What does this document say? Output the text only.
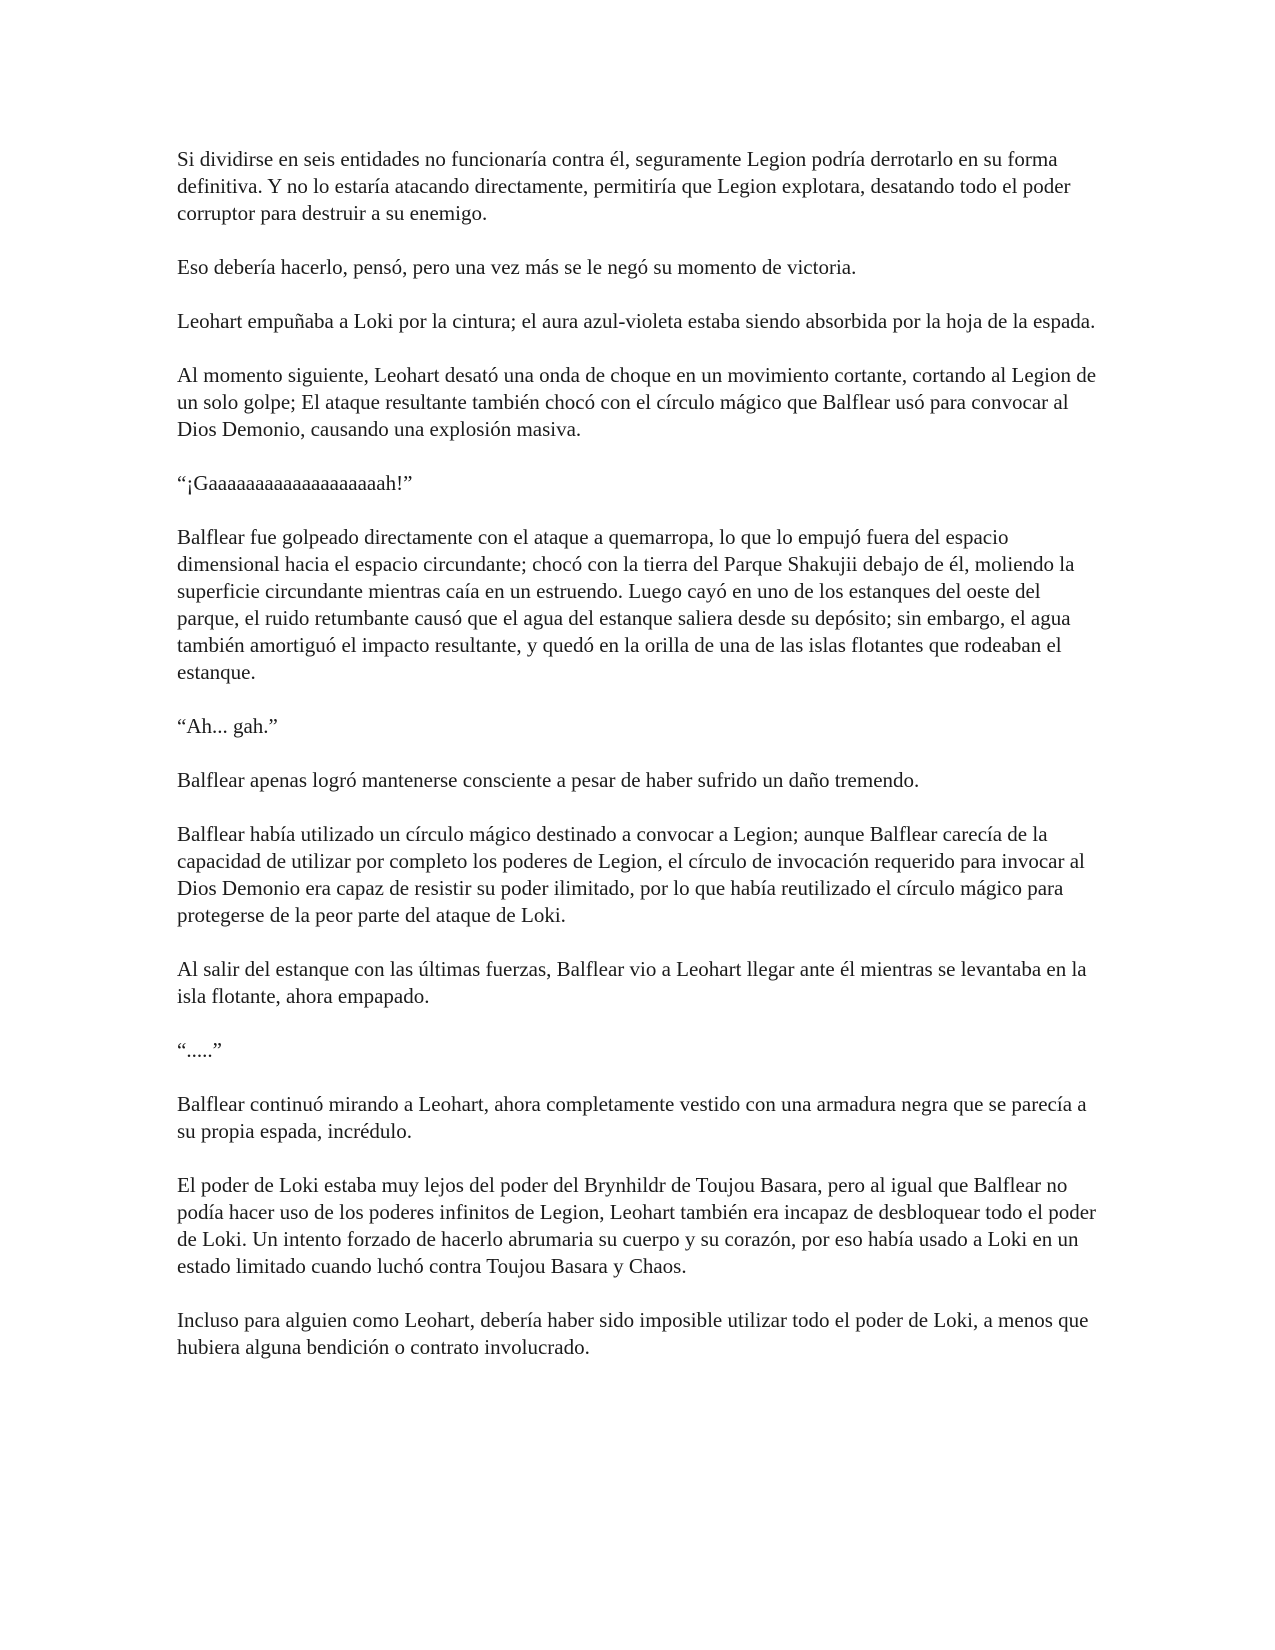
Si dividirse en seis entidades no funcionaría contra él, seguramente Legion podría derrotarlo en su forma definitiva. Y no lo estaría atacando directamente, permitiría que Legion explotara, desatando todo el poder corruptor para destruir a su enemigo.

Eso debería hacerlo, pensó, pero una vez más se le negó su momento de victoria.

Leohart empuñaba a Loki por la cintura; el aura azul-violeta estaba siendo absorbida por la hoja de la espada.

Al momento siguiente, Leohart desató una onda de choque en un movimiento cortante, cortando al Legion de un solo golpe; El ataque resultante también chocó con el círculo mágico que Balflear usó para convocar al Dios Demonio, causando una explosión masiva.

“¡Gaaaaaaaaaaaaaaaaaaah!”

Balflear fue golpeado directamente con el ataque a quemarropa, lo que lo empujó fuera del espacio dimensional hacia el espacio circundante; chocó con la tierra del Parque Shakujii debajo de él, moliendo la superficie circundante mientras caía en un estruendo. Luego cayó en uno de los estanques del oeste del parque, el ruido retumbante causó que el agua del estanque saliera desde su depósito; sin embargo, el agua también amortiguó el impacto resultante, y quedó en la orilla de una de las islas flotantes que rodeaban el estanque.

“Ah... gah.”

Balflear apenas logró mantenerse consciente a pesar de haber sufrido un daño tremendo.

Balflear había utilizado un círculo mágico destinado a convocar a Legion; aunque Balflear carecía de la capacidad de utilizar por completo los poderes de Legion, el círculo de invocación requerido para invocar al Dios Demonio era capaz de resistir su poder ilimitado, por lo que había reutilizado el círculo mágico para protegerse de la peor parte del ataque de Loki.

Al salir del estanque con las últimas fuerzas, Balflear vio a Leohart llegar ante él mientras se levantaba en la isla flotante, ahora empapado.

“.....”

Balflear continuó mirando a Leohart, ahora completamente vestido con una armadura negra que se parecía a su propia espada, incrédulo.

El poder de Loki estaba muy lejos del poder del Brynhildr de Toujou Basara, pero al igual que Balflear no podía hacer uso de los poderes infinitos de Legion, Leohart también era incapaz de desbloquear todo el poder de Loki. Un intento forzado de hacerlo abrumaria su cuerpo y su corazón, por eso había usado a Loki en un estado limitado cuando luchó contra Toujou Basara y Chaos.

Incluso para alguien como Leohart, debería haber sido imposible utilizar todo el poder de Loki, a menos que hubiera alguna bendición o contrato involucrado.
